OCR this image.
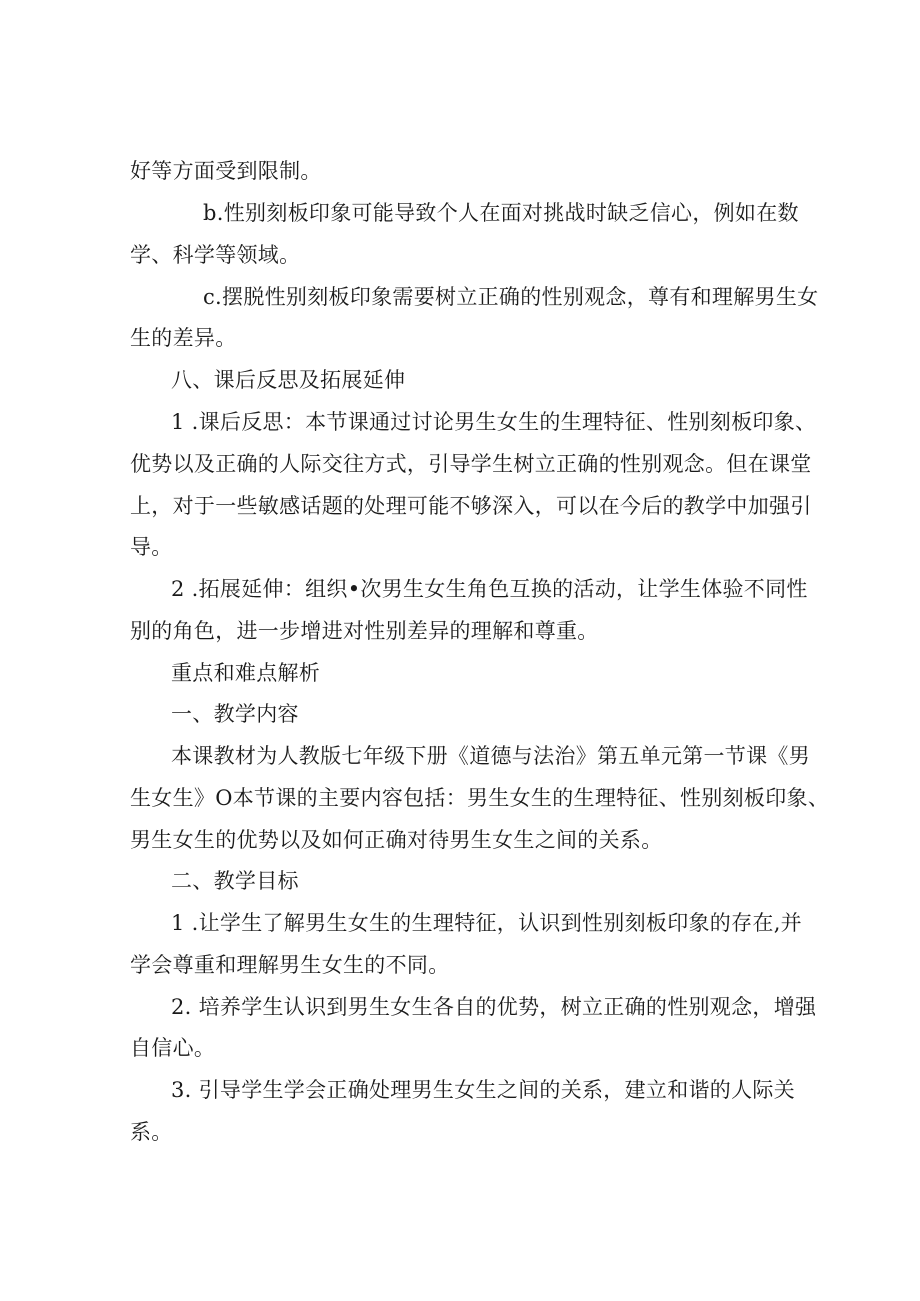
好等方面受到限制。
b.性别刻板印象可能导致个人在面对挑战时缺乏信心，例如在数
学、科学等领域。
c.摆脱性别刻板印象需要树立正确的性别观念，尊有和理解男生女
生的差异。
八、课后反思及拓展延伸
1 .课后反思：本节课通过讨论男生女生的生理特征、性别刻板印象、
优势以及正确的人际交往方式，引导学生树立正确的性别观念。但在课堂
上，对于一些敏感话题的处理可能不够深入，可以在今后的教学中加强引
导。
2 .拓展延伸：组织•次男生女生角色互换的活动，让学生体验不同性
别的角色，进一步增进对性别差异的理解和尊重。
重点和难点解析
一、教学内容
本课教材为人教版七年级下册《道德与法治》第五单元第一节课《男
生女生》O本节课的主要内容包括：男生女生的生理特征、性别刻板印象、
男生女生的优势以及如何正确对待男生女生之间的关系。
二、教学目标
1 .让学生了解男生女生的生理特征，认识到性别刻板印象的存在,并
学会尊重和理解男生女生的不同。
2. 培养学生认识到男生女生各自的优势，树立正确的性别观念，增强
自信心。
3. 引导学生学会正确处理男生女生之间的关系，建立和谐的人际关
系。
